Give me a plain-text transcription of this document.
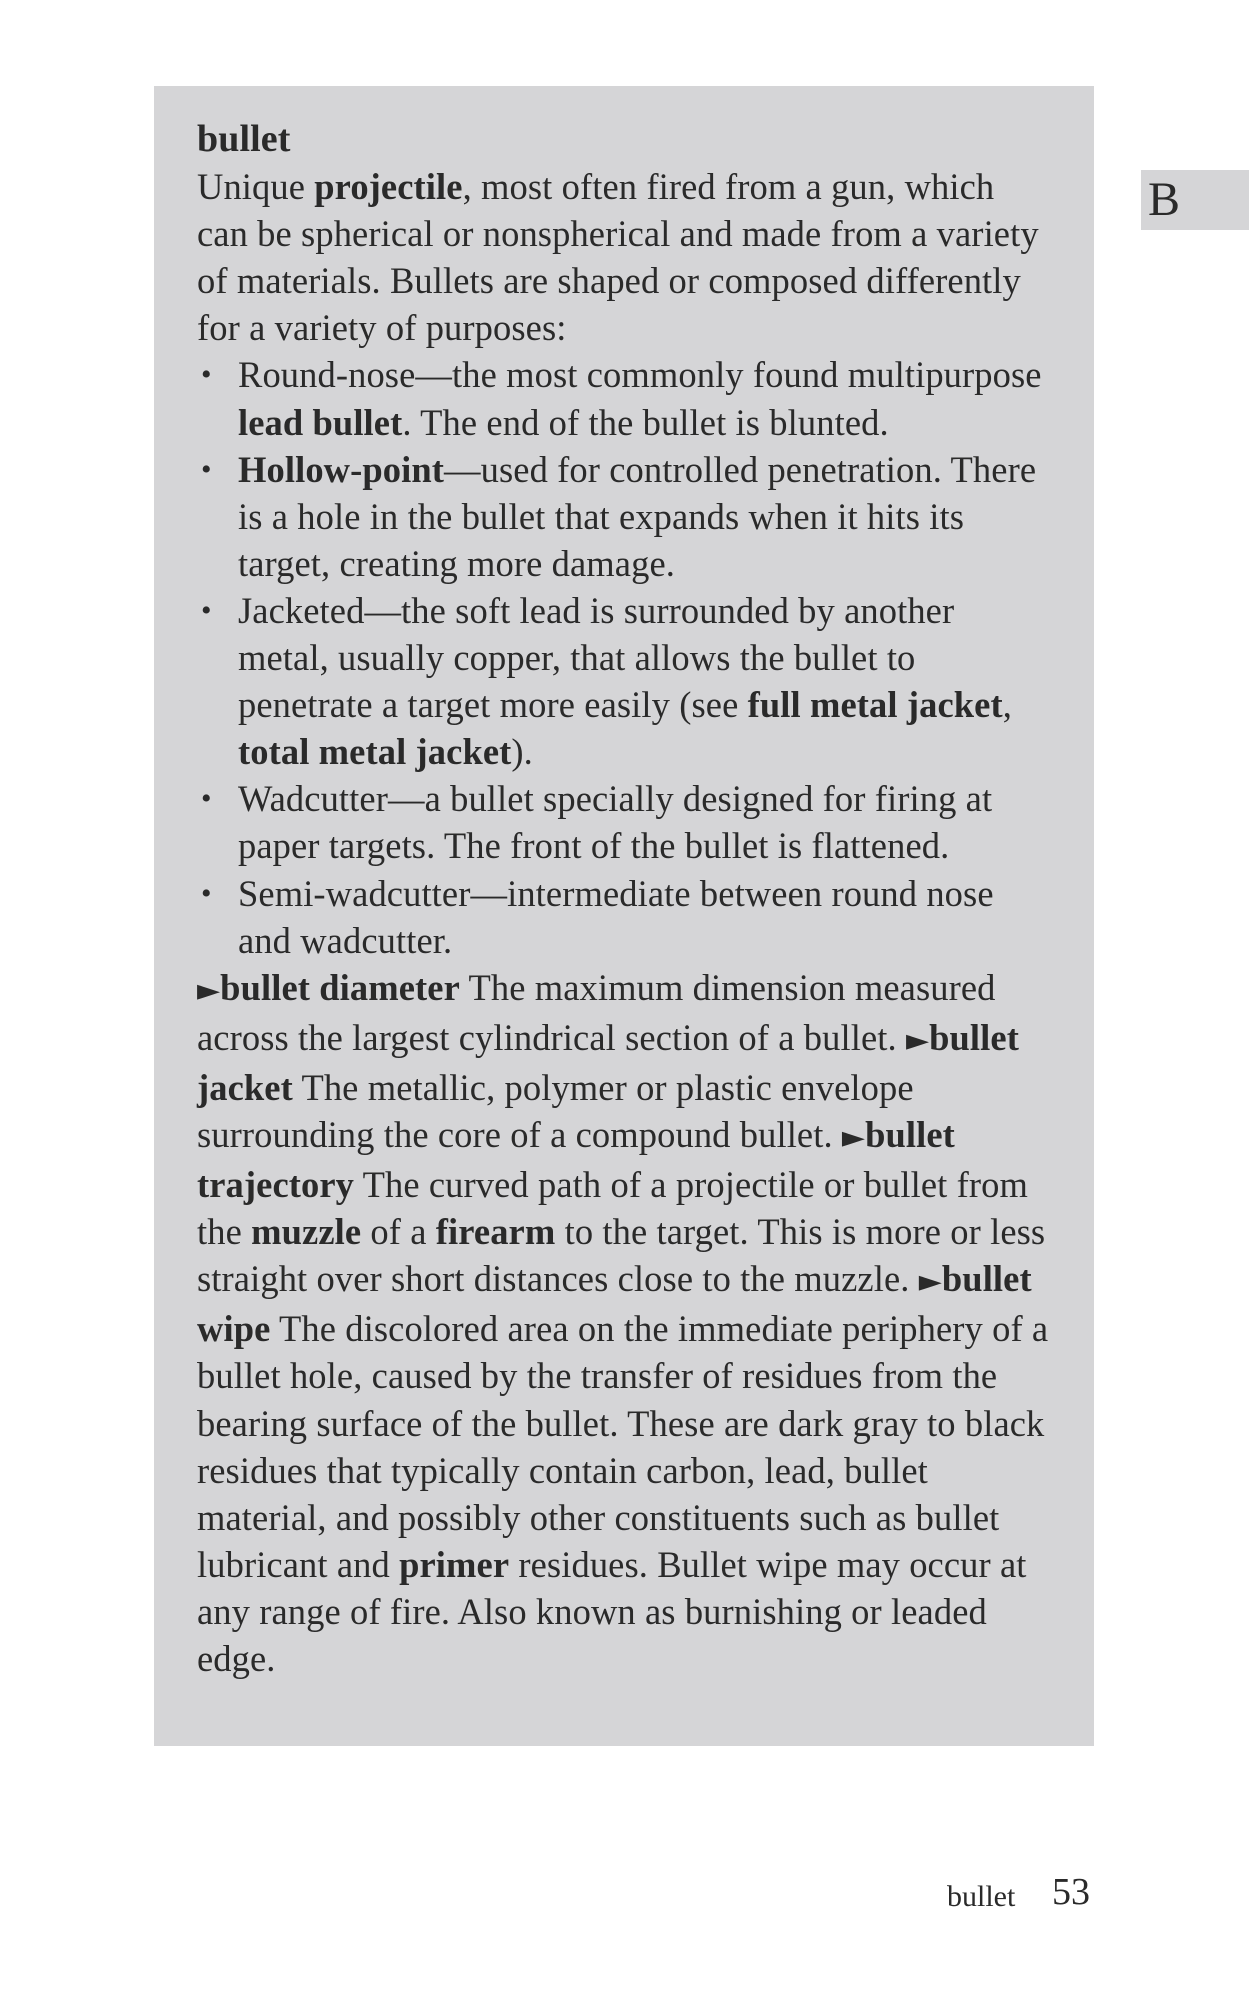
bullet

Unique projectile, most often fired from a gun, which can be spherical or nonspherical and made from a variety of materials. Bullets are shaped or composed differently for a variety of purposes:

• Round-nose—the most commonly found multipurpose lead bullet. The end of the bullet is blunted.
• Hollow-point—used for controlled penetration. There is a hole in the bullet that expands when it hits its target, creating more damage.
• Jacketed—the soft lead is surrounded by another metal, usually copper, that allows the bullet to penetrate a target more easily (see full metal jacket, total metal jacket).
• Wadcutter—a bullet specially designed for firing at paper targets. The front of the bullet is flattened.
• Semi-wadcutter—intermediate between round nose and wadcutter.

►bullet diameter The maximum dimension measured across the largest cylindrical section of a bullet. ►bullet jacket The metallic, polymer or plastic envelope surrounding the core of a compound bullet. ►bullet trajectory The curved path of a projectile or bullet from the muzzle of a firearm to the target. This is more or less straight over short distances close to the muzzle. ►bullet wipe The discolored area on the immediate periphery of a bullet hole, caused by the transfer of residues from the bearing surface of the bullet. These are dark gray to black residues that typically contain carbon, lead, bullet material, and possibly other constituents such as bullet lubricant and primer residues. Bullet wipe may occur at any range of fire. Also known as burnishing or leaded edge.

B
bullet 53
